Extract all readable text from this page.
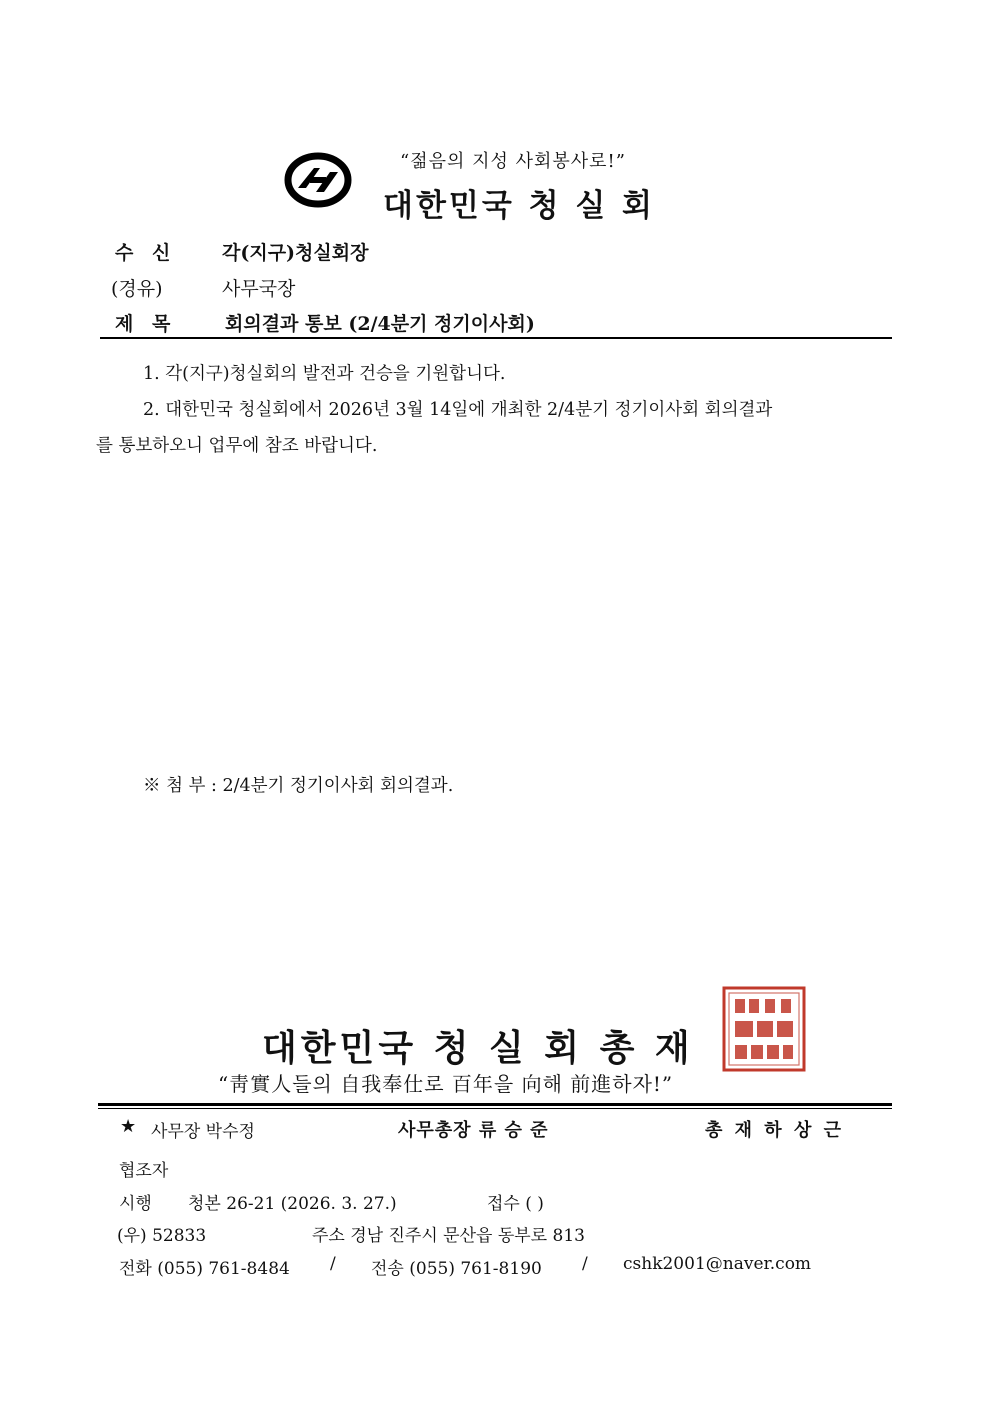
“젊음의 지성 사회봉사로!”
대한민국 청 실 회
수 신 각(지구)청실회장
(경유)	사무국장
제 목	회의결과 통보 (2/4분기 정기이사회)
1. 각(지구)청실회의 발전과 건승을 기원합니다.
2. 대한민국 청실회에서 2026년 3월 14일에 개최한 2/4분기 정기이사회 회의결과
를 통보하오니 업무에 참조 바랍니다.
※ 첨 부 : 2/4분기 정기이사회 회의결과.
대한민국 청 실 회 총 재
“靑實人들의 自我奉仕로 百年을 向해 前進하자!”
★ 사무장 박수정	사무총장 류 승 준	총 재 하 상 근
협조자
시행 청본 26-21 (2026. 3. 27.)	접수 ( )
(우) 52833	주소 경남 진주시 문산읍 동부로 813
전화 (055) 761-8484 / 전송 (055) 761-8190 / cshk2001@naver.com
